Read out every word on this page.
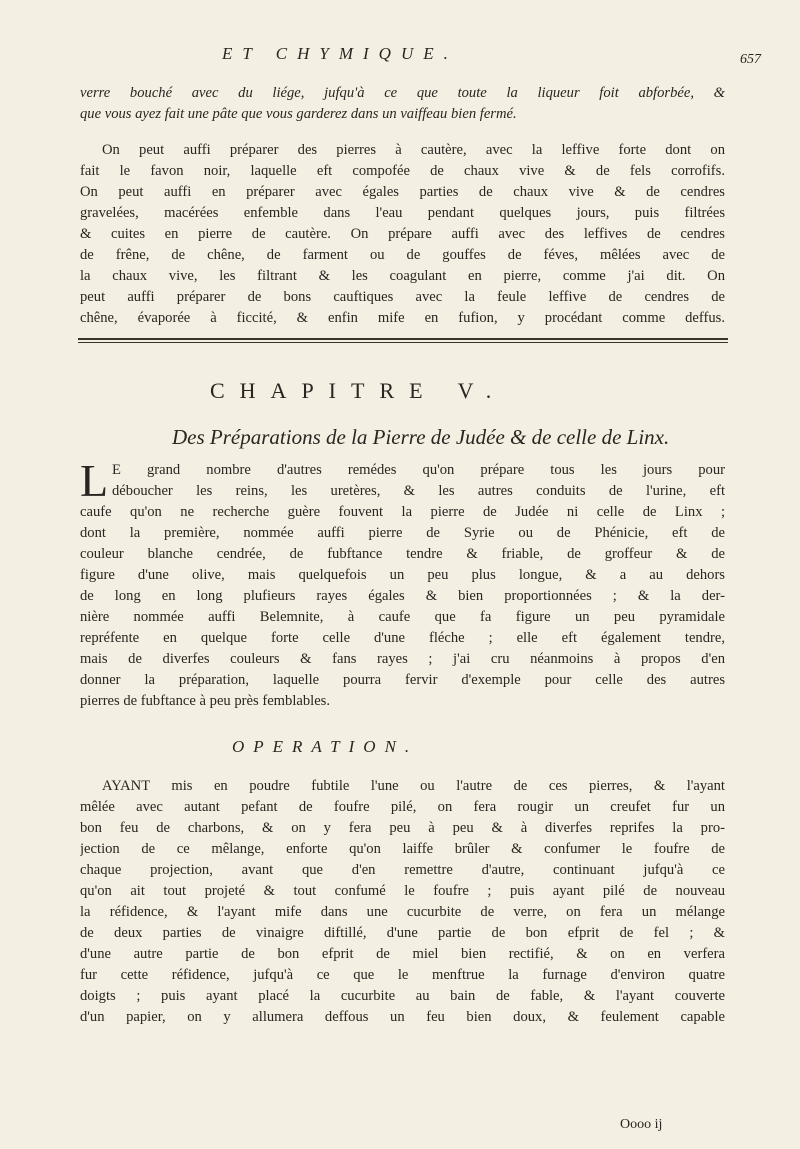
ET CHYMIQUE.	657
verre bouché avec du liége, jufqu'à ce que toute la liqueur foit abforbée, &
que vous ayez fait une pâte que vous garderez dans un vaiffeau bien fermé.
On peut auffi préparer des pierres à cautère, avec la leffive forte dont on
fait le favon noir, laquelle eft compofée de chaux vive & de fels corrofifs.
On peut auffi en préparer avec égales parties de chaux vive & de cendres
gravelées, macérées enfemble dans l'eau pendant quelques jours, puis filtrées
& cuites en pierre de cautère. On prépare auffi avec des leffives de cendres
de frêne, de chêne, de farment ou de gouffes de féves, mêlées avec de
la chaux vive, les filtrant & les coagulant en pierre, comme j'ai dit. On
peut auffi préparer de bons cauftiques avec la feule leffive de cendres de
chêne, évaporée à ficcité, & enfin mife en fufion, y procédant comme deffus.
CHAPITRE V.
Des Préparations de la Pierre de Judée & de celle de Linx.
L E grand nombre d'autres remédes qu'on prépare tous les jours pour
déboucher les reins, les uretères, & les autres conduits de l'urine, eft
caufe qu'on ne recherche guère fouvent la pierre de Judée ni celle de Linx ;
dont la première, nommée auffi pierre de Syrie ou de Phénicie, eft de
couleur blanche cendrée, de fubftance tendre & friable, de groffeur & de
figure d'une olive, mais quelquefois un peu plus longue, & a au dehors
de long en long plufieurs rayes égales & bien proportionnées ; & la der-
nière nommée auffi Belemnite, à caufe que fa figure un peu pyramidale
repréfente en quelque forte celle d'une fléche ; elle eft également tendre,
mais de diverfes couleurs & fans rayes ; j'ai cru néanmoins à propos d'en
donner la préparation, laquelle pourra fervir d'exemple pour celle des autres
pierres de fubftance à peu près femblables.
OPERATION.
AYANT mis en poudre fubtile l'une ou l'autre de ces pierres, & l'ayant
mêlée avec autant pefant de foufre pilé, on fera rougir un creufet fur un
bon feu de charbons, & on y fera peu à peu & à diverfes reprifes la pro-
jection de ce mêlange, enforte qu'on laiffe brûler & confumer le foufre de
chaque projection, avant que d'en remettre d'autre, continuant jufqu'à ce
qu'on ait tout projeté & tout confumé le foufre ; puis ayant pilé de nouveau
la réfidence, & l'ayant mife dans une cucurbite de verre, on fera un mélange
de deux parties de vinaigre diftillé, d'une partie de bon efprit de fel ; &
d'une autre partie de bon efprit de miel bien rectifié, & on en verfera
fur cette réfidence, jufqu'à ce que le menftrue la furnage d'environ quatre
doigts ; puis ayant placé la cucurbite au bain de fable, & l'ayant couverte
d'un papier, on y allumera deffous un feu bien doux, & feulement capable
Oooo ij
